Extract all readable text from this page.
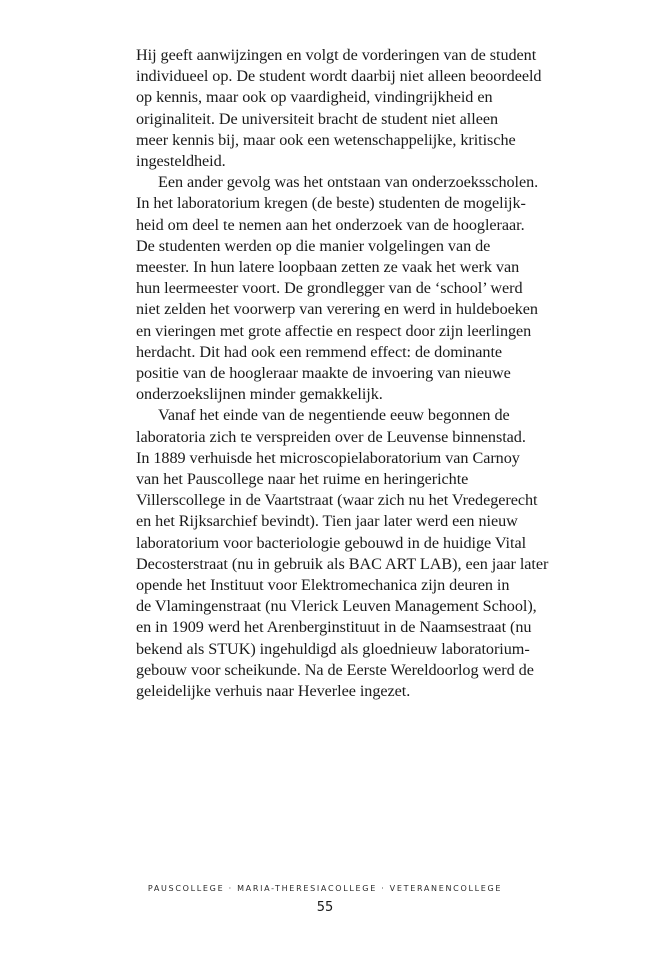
Hij geeft aanwijzingen en volgt de vorderingen van de student
individueel op. De student wordt daarbij niet alleen beoordeeld
op kennis, maar ook op vaardigheid, vindingrijkheid en
originaliteit. De universiteit bracht de student niet alleen
meer kennis bij, maar ook een wetenschappelijke, kritische
ingesteldheid.

Een ander gevolg was het ontstaan van onderzoeksscholen.
In het laboratorium kregen (de beste) studenten de mogelijk-
heid om deel te nemen aan het onderzoek van de hoogleraar.
De studenten werden op die manier volgelingen van de
meester. In hun latere loopbaan zetten ze vaak het werk van
hun leermeester voort. De grondlegger van de ‘school’ werd
niet zelden het voorwerp van verering en werd in huldeboeken
en vieringen met grote affectie en respect door zijn leerlingen
herdacht. Dit had ook een remmend effect: de dominante
positie van de hoogleraar maakte de invoering van nieuwe
onderzoekslijnen minder gemakkelijk.

Vanaf het einde van de negentiende eeuw begonnen de
laboratoria zich te verspreiden over de Leuvense binnenstad.
In 1889 verhuisde het microscopielaboratorium van Carnoy
van het Pauscollege naar het ruime en heringerichte
Villerscollege in de Vaartstraat (waar zich nu het Vredegerecht
en het Rijksarchief bevindt). Tien jaar later werd een nieuw
laboratorium voor bacteriologie gebouwd in de huidige Vital
Decosterstraat (nu in gebruik als BAC ART LAB), een jaar later
opende het Instituut voor Elektromechanica zijn deuren in
de Vlamingenstraat (nu Vlerick Leuven Management School),
en in 1909 werd het Arenberginstituut in de Naamsestraat (nu
bekend als STUK) ingehuldigd als gloednieuw laboratorium-
gebouw voor scheikunde. Na de Eerste Wereldoorlog werd de
geleidelijke verhuis naar Heverlee ingezet.

PAUSCOLLEGE · MARIA-THERESIACOLLEGE · VETERANENCOLLEGE
55
